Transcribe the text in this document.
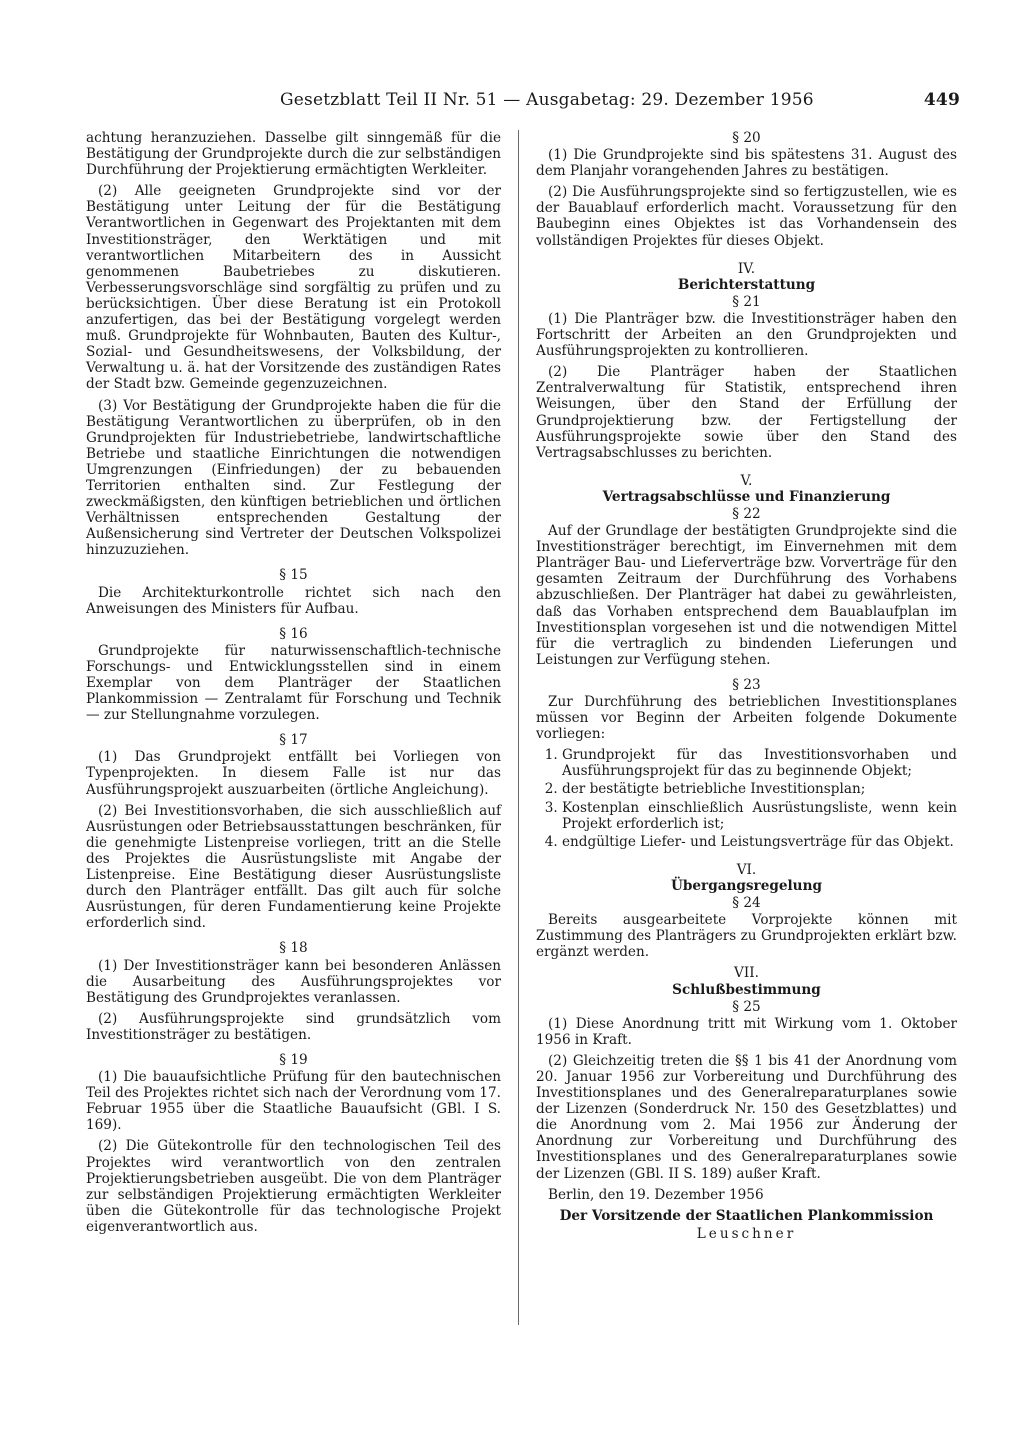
Gesetzblatt Teil II Nr. 51 — Ausgabetag: 29. Dezember 1956	449

achtung heranzuziehen. Dasselbe gilt sinngemäß für die Bestätigung der Grundprojekte durch die zur selbständigen Durchführung der Projektierung ermächtigten Werkleiter.

(2) Alle geeigneten Grundprojekte sind vor der Bestätigung unter Leitung der für die Bestätigung Verantwortlichen in Gegenwart des Projektanten mit dem Investitionsträger, den Werktätigen und mit verantwortlichen Mitarbeitern des in Aussicht genommenen Baubetriebes zu diskutieren. Verbesserungsvorschläge sind sorgfältig zu prüfen und zu berücksichtigen. Über diese Beratung ist ein Protokoll anzufertigen, das bei der Bestätigung vorgelegt werden muß. Grundprojekte für Wohnbauten, Bauten des Kultur-, Sozial- und Gesundheitswesens, der Volksbildung, der Verwaltung u. ä. hat der Vorsitzende des zuständigen Rates der Stadt bzw. Gemeinde gegenzuzeichnen.

(3) Vor Bestätigung der Grundprojekte haben die für die Bestätigung Verantwortlichen zu überprüfen, ob in den Grundprojekten für Industriebetriebe, landwirtschaftliche Betriebe und staatliche Einrichtungen die notwendigen Umgrenzungen (Einfriedungen) der zu bebauenden Territorien enthalten sind. Zur Festlegung der zweckmäßigsten, den künftigen betrieblichen und örtlichen Verhältnissen entsprechenden Gestaltung der Außensicherung sind Vertreter der Deutschen Volkspolizei hinzuzuziehen.

§ 15

Die Architekturkontrolle richtet sich nach den Anweisungen des Ministers für Aufbau.

§ 16

Grundprojekte für naturwissenschaftlich-technische Forschungs- und Entwicklungsstellen sind in einem Exemplar von dem Planträger der Staatlichen Plankommission — Zentralamt für Forschung und Technik — zur Stellungnahme vorzulegen.

§ 17

(1) Das Grundprojekt entfällt bei Vorliegen von Typenprojekten. In diesem Falle ist nur das Ausführungsprojekt auszuarbeiten (örtliche Angleichung).

(2) Bei Investitionsvorhaben, die sich ausschließlich auf Ausrüstungen oder Betriebsausstattungen beschränken, für die genehmigte Listenpreise vorliegen, tritt an die Stelle des Projektes die Ausrüstungsliste mit Angabe der Listenpreise. Eine Bestätigung dieser Ausrüstungsliste durch den Planträger entfällt. Das gilt auch für solche Ausrüstungen, für deren Fundamentierung keine Projekte erforderlich sind.

§ 18

(1) Der Investitionsträger kann bei besonderen Anlässen die Ausarbeitung des Ausführungsprojektes vor Bestätigung des Grundprojektes veranlassen.

(2) Ausführungsprojekte sind grundsätzlich vom Investitionsträger zu bestätigen.

§ 19

(1) Die bauaufsichtliche Prüfung für den bautechnischen Teil des Projektes richtet sich nach der Verordnung vom 17. Februar 1955 über die Staatliche Bauaufsicht (GBl. I S. 169).

(2) Die Gütekontrolle für den technologischen Teil des Projektes wird verantwortlich von den zentralen Projektierungsbetrieben ausgeübt. Die von dem Planträger zur selbständigen Projektierung ermächtigten Werkleiter üben die Gütekontrolle für das technologische Projekt eigenverantwortlich aus.

§ 20

(1) Die Grundprojekte sind bis spätestens 31. August des dem Planjahr vorangehenden Jahres zu bestätigen.

(2) Die Ausführungsprojekte sind so fertigzustellen, wie es der Bauablauf erforderlich macht. Voraussetzung für den Baubeginn eines Objektes ist das Vorhandensein des vollständigen Projektes für dieses Objekt.

IV.
Berichterstattung
§ 21

(1) Die Planträger bzw. die Investitionsträger haben den Fortschritt der Arbeiten an den Grundprojekten und Ausführungsprojekten zu kontrollieren.

(2) Die Planträger haben der Staatlichen Zentralverwaltung für Statistik, entsprechend ihren Weisungen, über den Stand der Erfüllung der Grundprojektierung bzw. der Fertigstellung der Ausführungsprojekte sowie über den Stand des Vertragsabschlusses zu berichten.

V.
Vertragsabschlüsse und Finanzierung
§ 22

Auf der Grundlage der bestätigten Grundprojekte sind die Investitionsträger berechtigt, im Einvernehmen mit dem Planträger Bau- und Lieferverträge bzw. Vorverträge für den gesamten Zeitraum der Durchführung des Vorhabens abzuschließen. Der Planträger hat dabei zu gewährleisten, daß das Vorhaben entsprechend dem Bauablaufplan im Investitionsplan vorgesehen ist und die notwendigen Mittel für die vertraglich zu bindenden Lieferungen und Leistungen zur Verfügung stehen.

§ 23

Zur Durchführung des betrieblichen Investitionsplanes müssen vor Beginn der Arbeiten folgende Dokumente vorliegen:

1. Grundprojekt für das Investitionsvorhaben und Ausführungsprojekt für das zu beginnende Objekt;
2. der bestätigte betriebliche Investitionsplan;
3. Kostenplan einschließlich Ausrüstungsliste, wenn kein Projekt erforderlich ist;
4. endgültige Liefer- und Leistungsverträge für das Objekt.
VI.
Übergangsregelung
§ 24

Bereits ausgearbeitete Vorprojekte können mit Zustimmung des Planträgers zu Grundprojekten erklärt bzw. ergänzt werden.

VII.
Schlußbestimmung
§ 25

(1) Diese Anordnung tritt mit Wirkung vom 1. Oktober 1956 in Kraft.

(2) Gleichzeitig treten die §§ 1 bis 41 der Anordnung vom 20. Januar 1956 zur Vorbereitung und Durchführung des Investitionsplanes und des Generalreparaturplanes sowie der Lizenzen (Sonderdruck Nr. 150 des Gesetzblattes) und die Anordnung vom 2. Mai 1956 zur Änderung der Anordnung zur Vorbereitung und Durchführung des Investitionsplanes und des Generalreparaturplanes sowie der Lizenzen (GBl. II S. 189) außer Kraft.

Berlin, den 19. Dezember 1956

Der Vorsitzende der Staatlichen Plankommission
Leuschner
